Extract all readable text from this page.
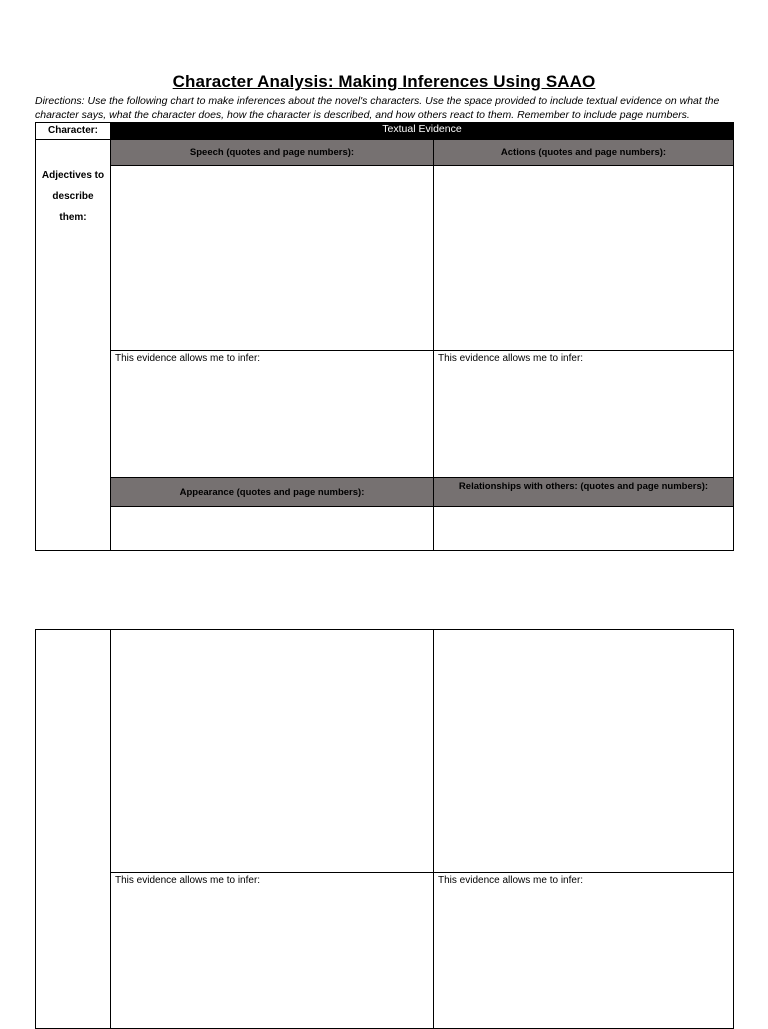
Character Analysis: Making Inferences Using SAAO
Directions: Use the following chart to make inferences about the novel's characters. Use the space provided to include textual evidence on what the character says, what the character does, how the character is described, and how others react to them. Remember to include page numbers.
Character:	Textual Evidence
Adjectives to describe them:
Speech (quotes and page numbers):	Actions (quotes and page numbers):
This evidence allows me to infer:	This evidence allows me to infer:
Appearance (quotes and page numbers):	Relationships with others: (quotes and page numbers):
This evidence allows me to infer:	This evidence allows me to infer:
